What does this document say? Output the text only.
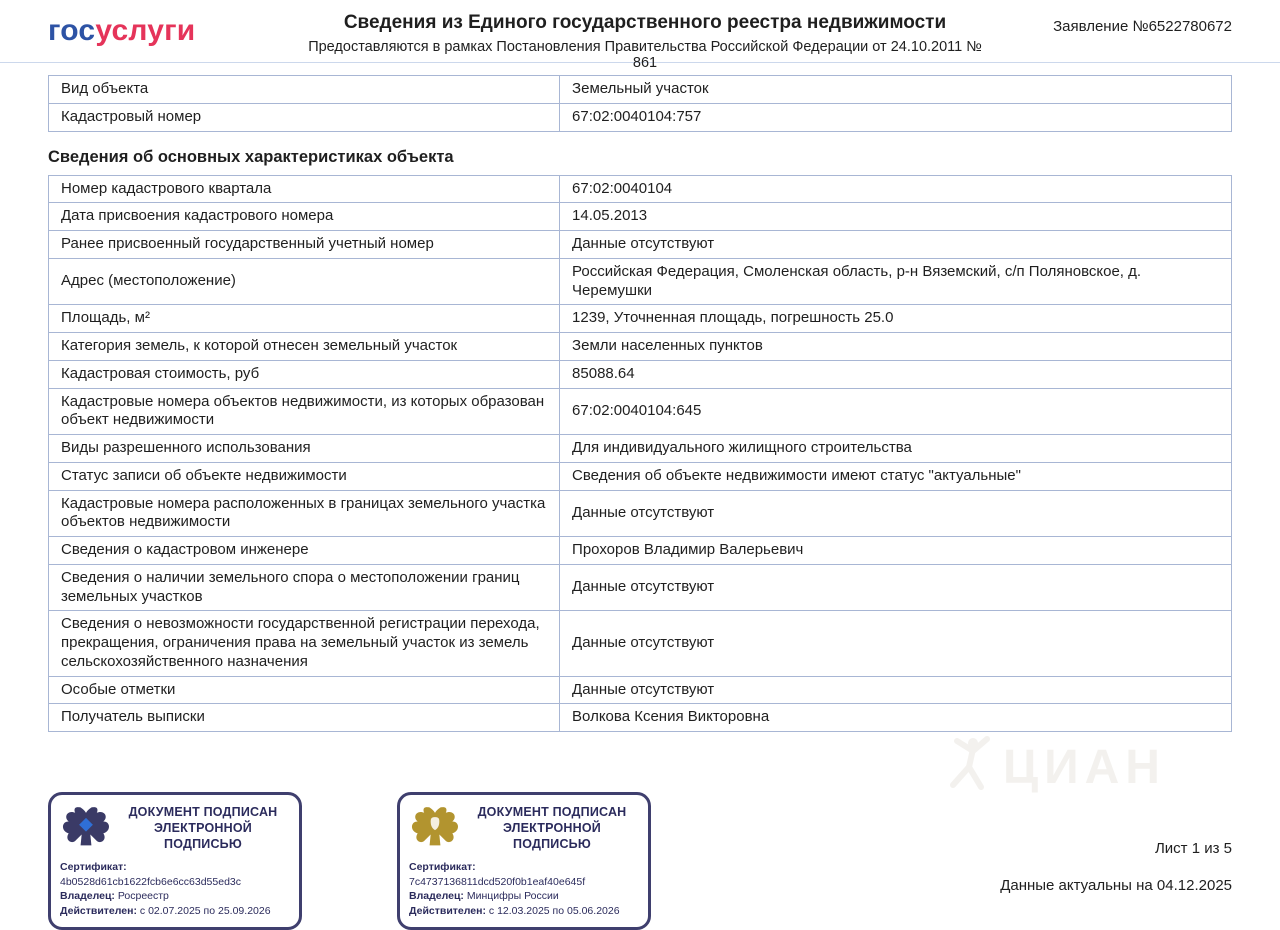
госуслуги	Сведения из Единого государственного реестра недвижимости
Предоставляются в рамках Постановления Правительства Российской Федерации от 24.10.2011 № 861
Заявление №6522780672
Вид объекта	Земельный участок
Кадастровый номер	67:02:0040104:757
Сведения об основных характеристиках объекта
Номер кадастрового квартала	67:02:0040104
Дата присвоения кадастрового номера	14.05.2013
Ранее присвоенный государственный учетный номер	Данные отсутствуют
Адрес (местоположение)	Российская Федерация, Смоленская область, р-н Вяземский, с/п Поляновское, д. Черемушки
Площадь, м²	1239, Уточненная площадь, погрешность 25.0
Категория земель, к которой отнесен земельный участок	Земли населенных пунктов
Кадастровая стоимость, руб	85088.64
Кадастровые номера объектов недвижимости, из которых образован объект недвижимости	67:02:0040104:645
Виды разрешенного использования	Для индивидуального жилищного строительства
Статус записи об объекте недвижимости	Сведения об объекте недвижимости имеют статус "актуальные"
Кадастровые номера расположенных в границах земельного участка объектов недвижимости	Данные отсутствуют
Сведения о кадастровом инженере	Прохоров Владимир Валерьевич
Сведения о наличии земельного спора о местоположении границ земельных участков	Данные отсутствуют
Сведения о невозможности государственной регистрации перехода, прекращения, ограничения права на земельный участок из земель сельскохозяйственного назначения	Данные отсутствуют
Особые отметки	Данные отсутствуют
Получатель выписки	Волкова Ксения Викторовна
ЦИАН
ДОКУМЕНТ ПОДПИСАН ЭЛЕКТРОННОЙ ПОДПИСЬЮ
Сертификат: 4b0528d61cb1622fcb6e6cc63d55ed3c
Владелец: Росреестр
Действителен: с 02.07.2025 по 25.09.2026
ДОКУМЕНТ ПОДПИСАН ЭЛЕКТРОННОЙ ПОДПИСЬЮ
Сертификат: 7c4737136811dcd520f0b1eaf40e645f
Владелец: Минцифры России
Действителен: с 12.03.2025 по 05.06.2026
Лист 1 из 5
Данные актуальны на 04.12.2025
